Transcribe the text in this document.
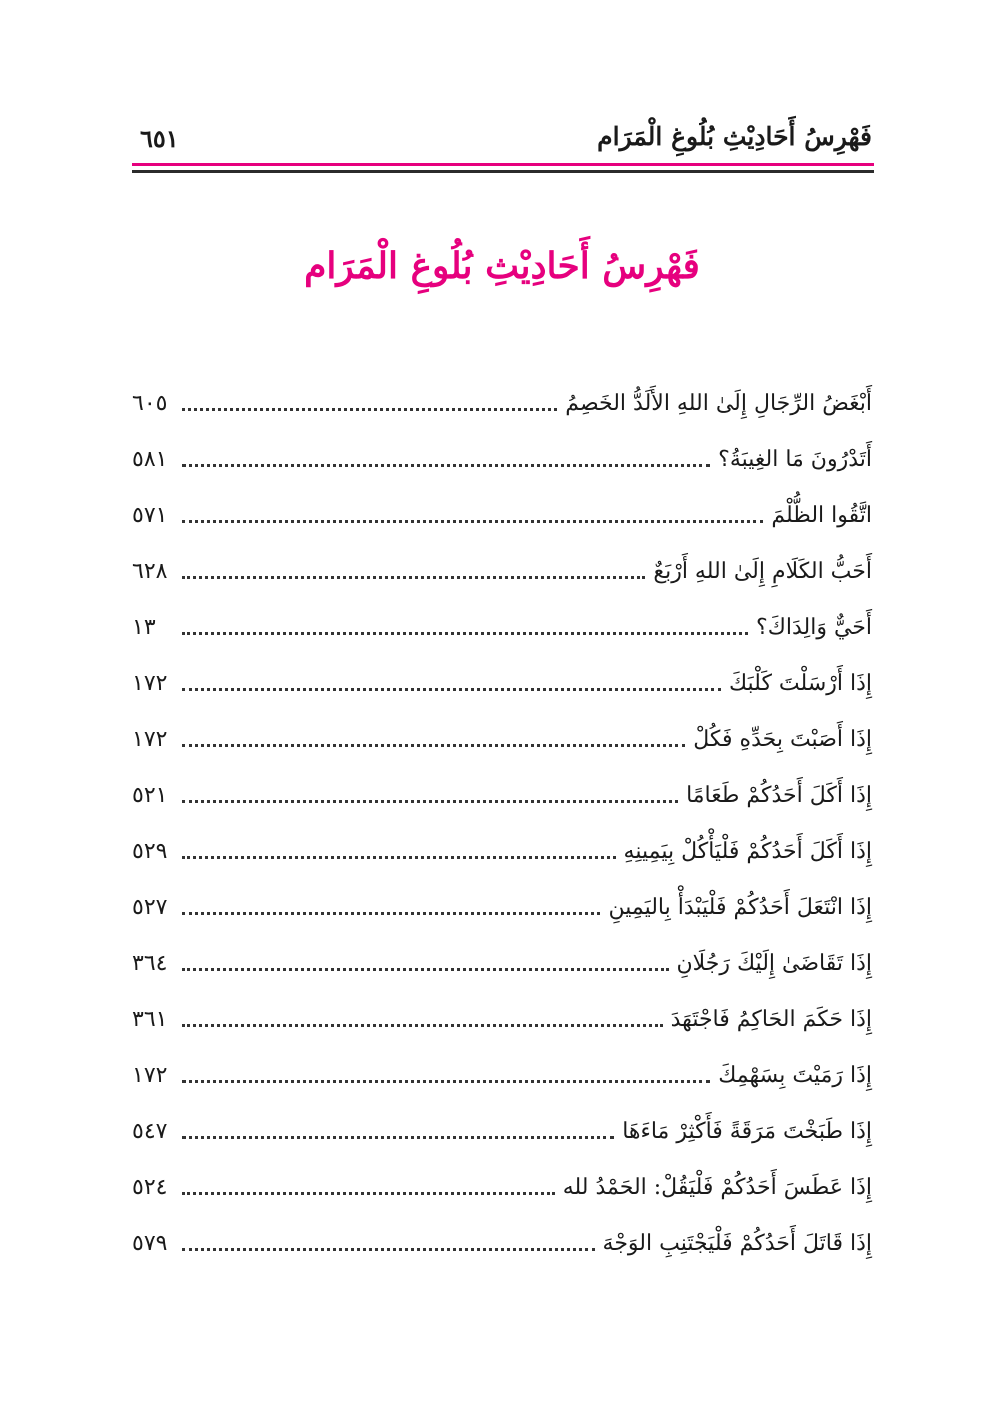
فَهْرِسُ أَحَادِيْثِ بُلُوغِ الْمَرَام
٦٥١
فَهْرِسُ أَحَادِيْثِ بُلُوغِ الْمَرَام
أَبْغَضُ الرِّجَالِ إِلَىٰ اللهِ الأَلَدُّ الخَصِمُ
٦٠٥
أَتَدْرُونَ مَا الغِيبَةُ؟
٥٨١
اتَّقُوا الظُّلْمَ
٥٧١
أَحَبُّ الكَلَامِ إِلَىٰ اللهِ أَرْبَعٌ
٦٢٨
أَحَيٌّ وَالِدَاكَ؟
١٣
إِذَا أَرْسَلْتَ كَلْبَكَ
١٧٢
إِذَا أَصَبْتَ بِحَدِّهِ فَكُلْ
١٧٢
إِذَا أَكَلَ أَحَدُكُمْ طَعَامًا
٥٢١
إِذَا أَكَلَ أَحَدُكُمْ فَلْيَأْكُلْ بِيَمِينِهِ
٥٢٩
إِذَا انْتَعَلَ أَحَدُكُمْ فَلْيَبْدَأْ بِاليَمِينِ
٥٢٧
إِذَا تَقَاضَىٰ إِلَيْكَ رَجُلَانِ
٣٦٤
إِذَا حَكَمَ الحَاكِمُ فَاجْتَهَدَ
٣٦١
إِذَا رَمَيْتَ بِسَهْمِكَ
١٧٢
إِذَا طَبَخْتَ مَرَقَةً فَأَكْثِرْ مَاءَهَا
٥٤٧
إِذَا عَطَسَ أَحَدُكُمْ فَلْيَقُلْ: الحَمْدُ لله
٥٢٤
إِذَا قَاتَلَ أَحَدُكُمْ فَلْيَجْتَنِبِ الوَجْهَ
٥٧٩
